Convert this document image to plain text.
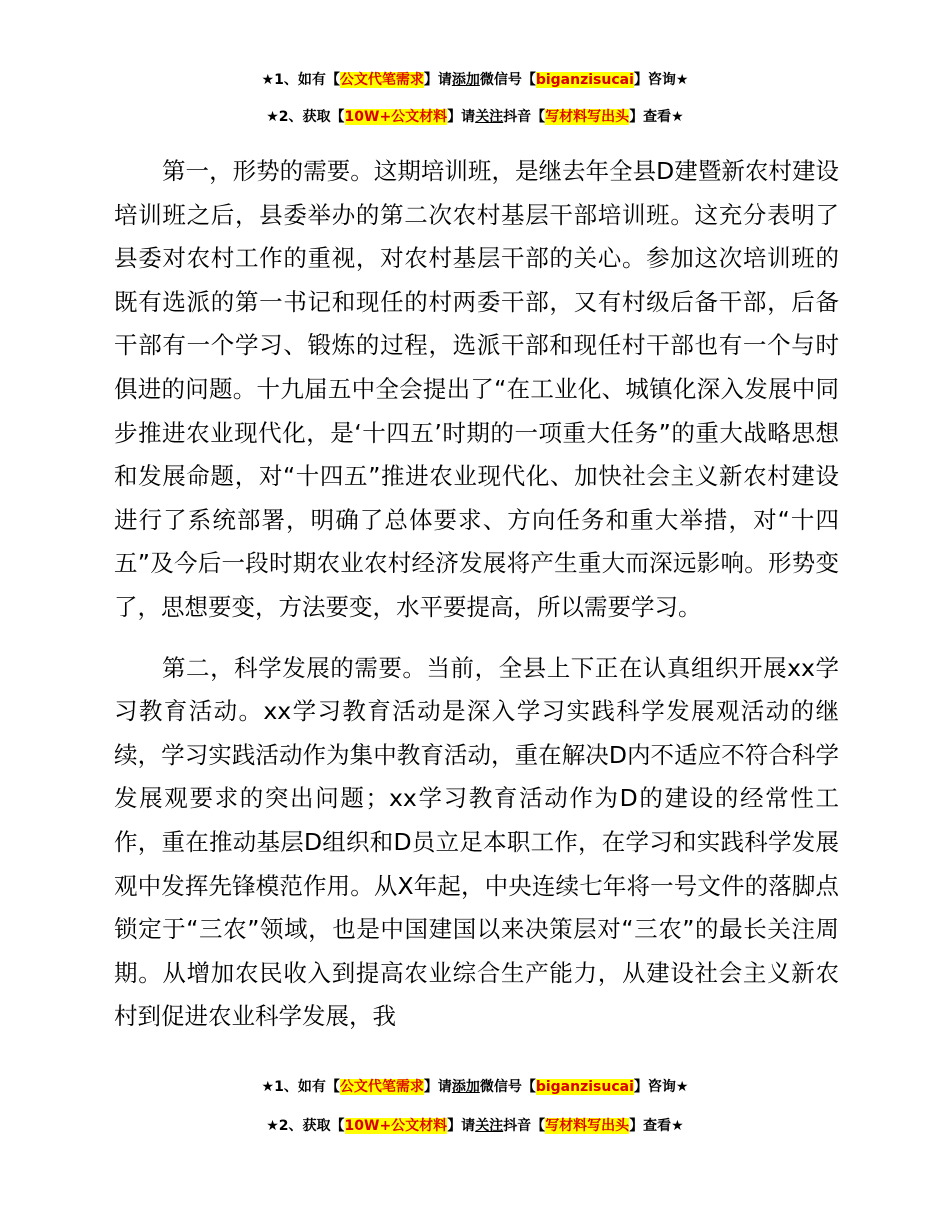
★1、如有【公文代笔需求】请添加微信号【biganzisucai】咨询★
★2、获取【10W+公文材料】请关注抖音【写材料写出头】查看★

第一，形势的需要。这期培训班，是继去年全县D建暨新农村建设培训班之后，县委举办的第二次农村基层干部培训班。这充分表明了县委对农村工作的重视，对农村基层干部的关心。参加这次培训班的既有选派的第一书记和现任的村两委干部，又有村级后备干部，后备干部有一个学习、锻炼的过程，选派干部和现任村干部也有一个与时俱进的问题。十九届五中全会提出了“在工业化、城镇化深入发展中同步推进农业现代化，是‘十四五’时期的一项重大任务”的重大战略思想和发展命题，对“十四五”推进农业现代化、加快社会主义新农村建设进行了系统部署，明确了总体要求、方向任务和重大举措，对“十四五”及今后一段时期农业农村经济发展将产生重大而深远影响。形势变了，思想要变，方法要变，水平要提高，所以需要学习。

第二，科学发展的需要。当前，全县上下正在认真组织开展xx学习教育活动。xx学习教育活动是深入学习实践科学发展观活动的继续，学习实践活动作为集中教育活动，重在解决D内不适应不符合科学发展观要求的突出问题；xx学习教育活动作为D的建设的经常性工作，重在推动基层D组织和D员立足本职工作，在学习和实践科学发展观中发挥先锋模范作用。从X年起，中央连续七年将一号文件的落脚点锁定于“三农”领域，也是中国建国以来决策层对“三农”的最长关注周期。从增加农民收入到提高农业综合生产能力，从建设社会主义新农村到促进农业科学发展，我

★1、如有【公文代笔需求】请添加微信号【biganzisucai】咨询★
★2、获取【10W+公文材料】请关注抖音【写材料写出头】查看★
